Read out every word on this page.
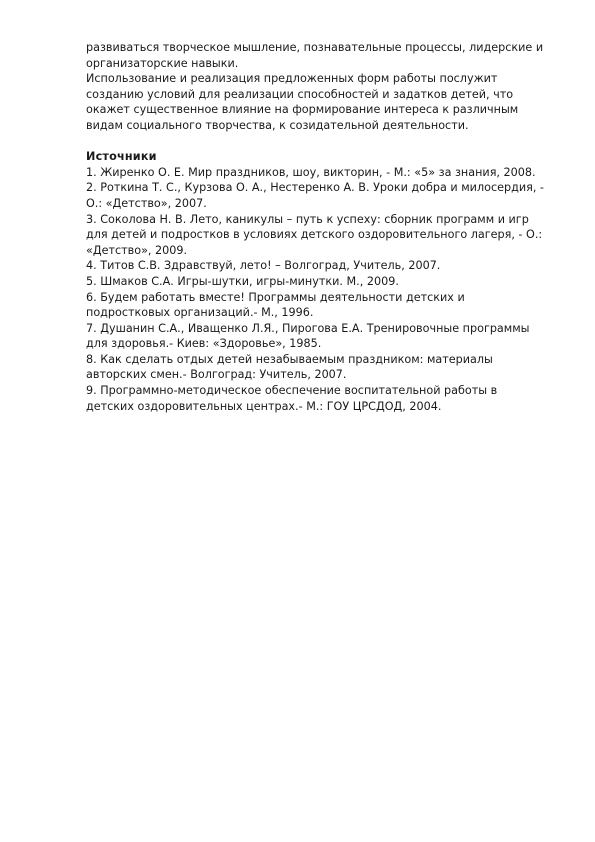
развиваться творческое мышление, познавательные процессы, лидерские и организаторские навыки.

Использование и реализация предложенных форм работы послужит созданию условий для реализации способностей и задатков детей, что окажет существенное влияние на формирование интереса к различным видам социального творчества, к созидательной деятельности.

Источники

1. Жиренко О. Е. Мир праздников, шоу, викторин, - М.: «5» за знания, 2008.
2. Роткина Т. С., Курзова О. А., Нестеренко А. В. Уроки добра и милосердия, - О.: «Детство», 2007.
3. Соколова Н. В. Лето, каникулы – путь к успеху: сборник программ и игр для детей и подростков в условиях детского оздоровительного лагеря, - О.: «Детство», 2009.
4. Титов С.В. Здравствуй, лето! – Волгоград, Учитель, 2007.
5. Шмаков С.А. Игры-шутки, игры-минутки. М., 2009.
6. Будем работать вместе! Программы деятельности детских и подростковых организаций.- М., 1996.
7. Душанин С.А., Иващенко Л.Я., Пирогова Е.А. Тренировочные программы для здоровья.- Киев: «Здоровье», 1985.
8. Как сделать отдых детей незабываемым праздником: материалы авторских смен.- Волгоград: Учитель, 2007.
9. Программно-методическое обеспечение воспитательной работы в детских оздоровительных центрах.- М.: ГОУ ЦРСДОД, 2004.
